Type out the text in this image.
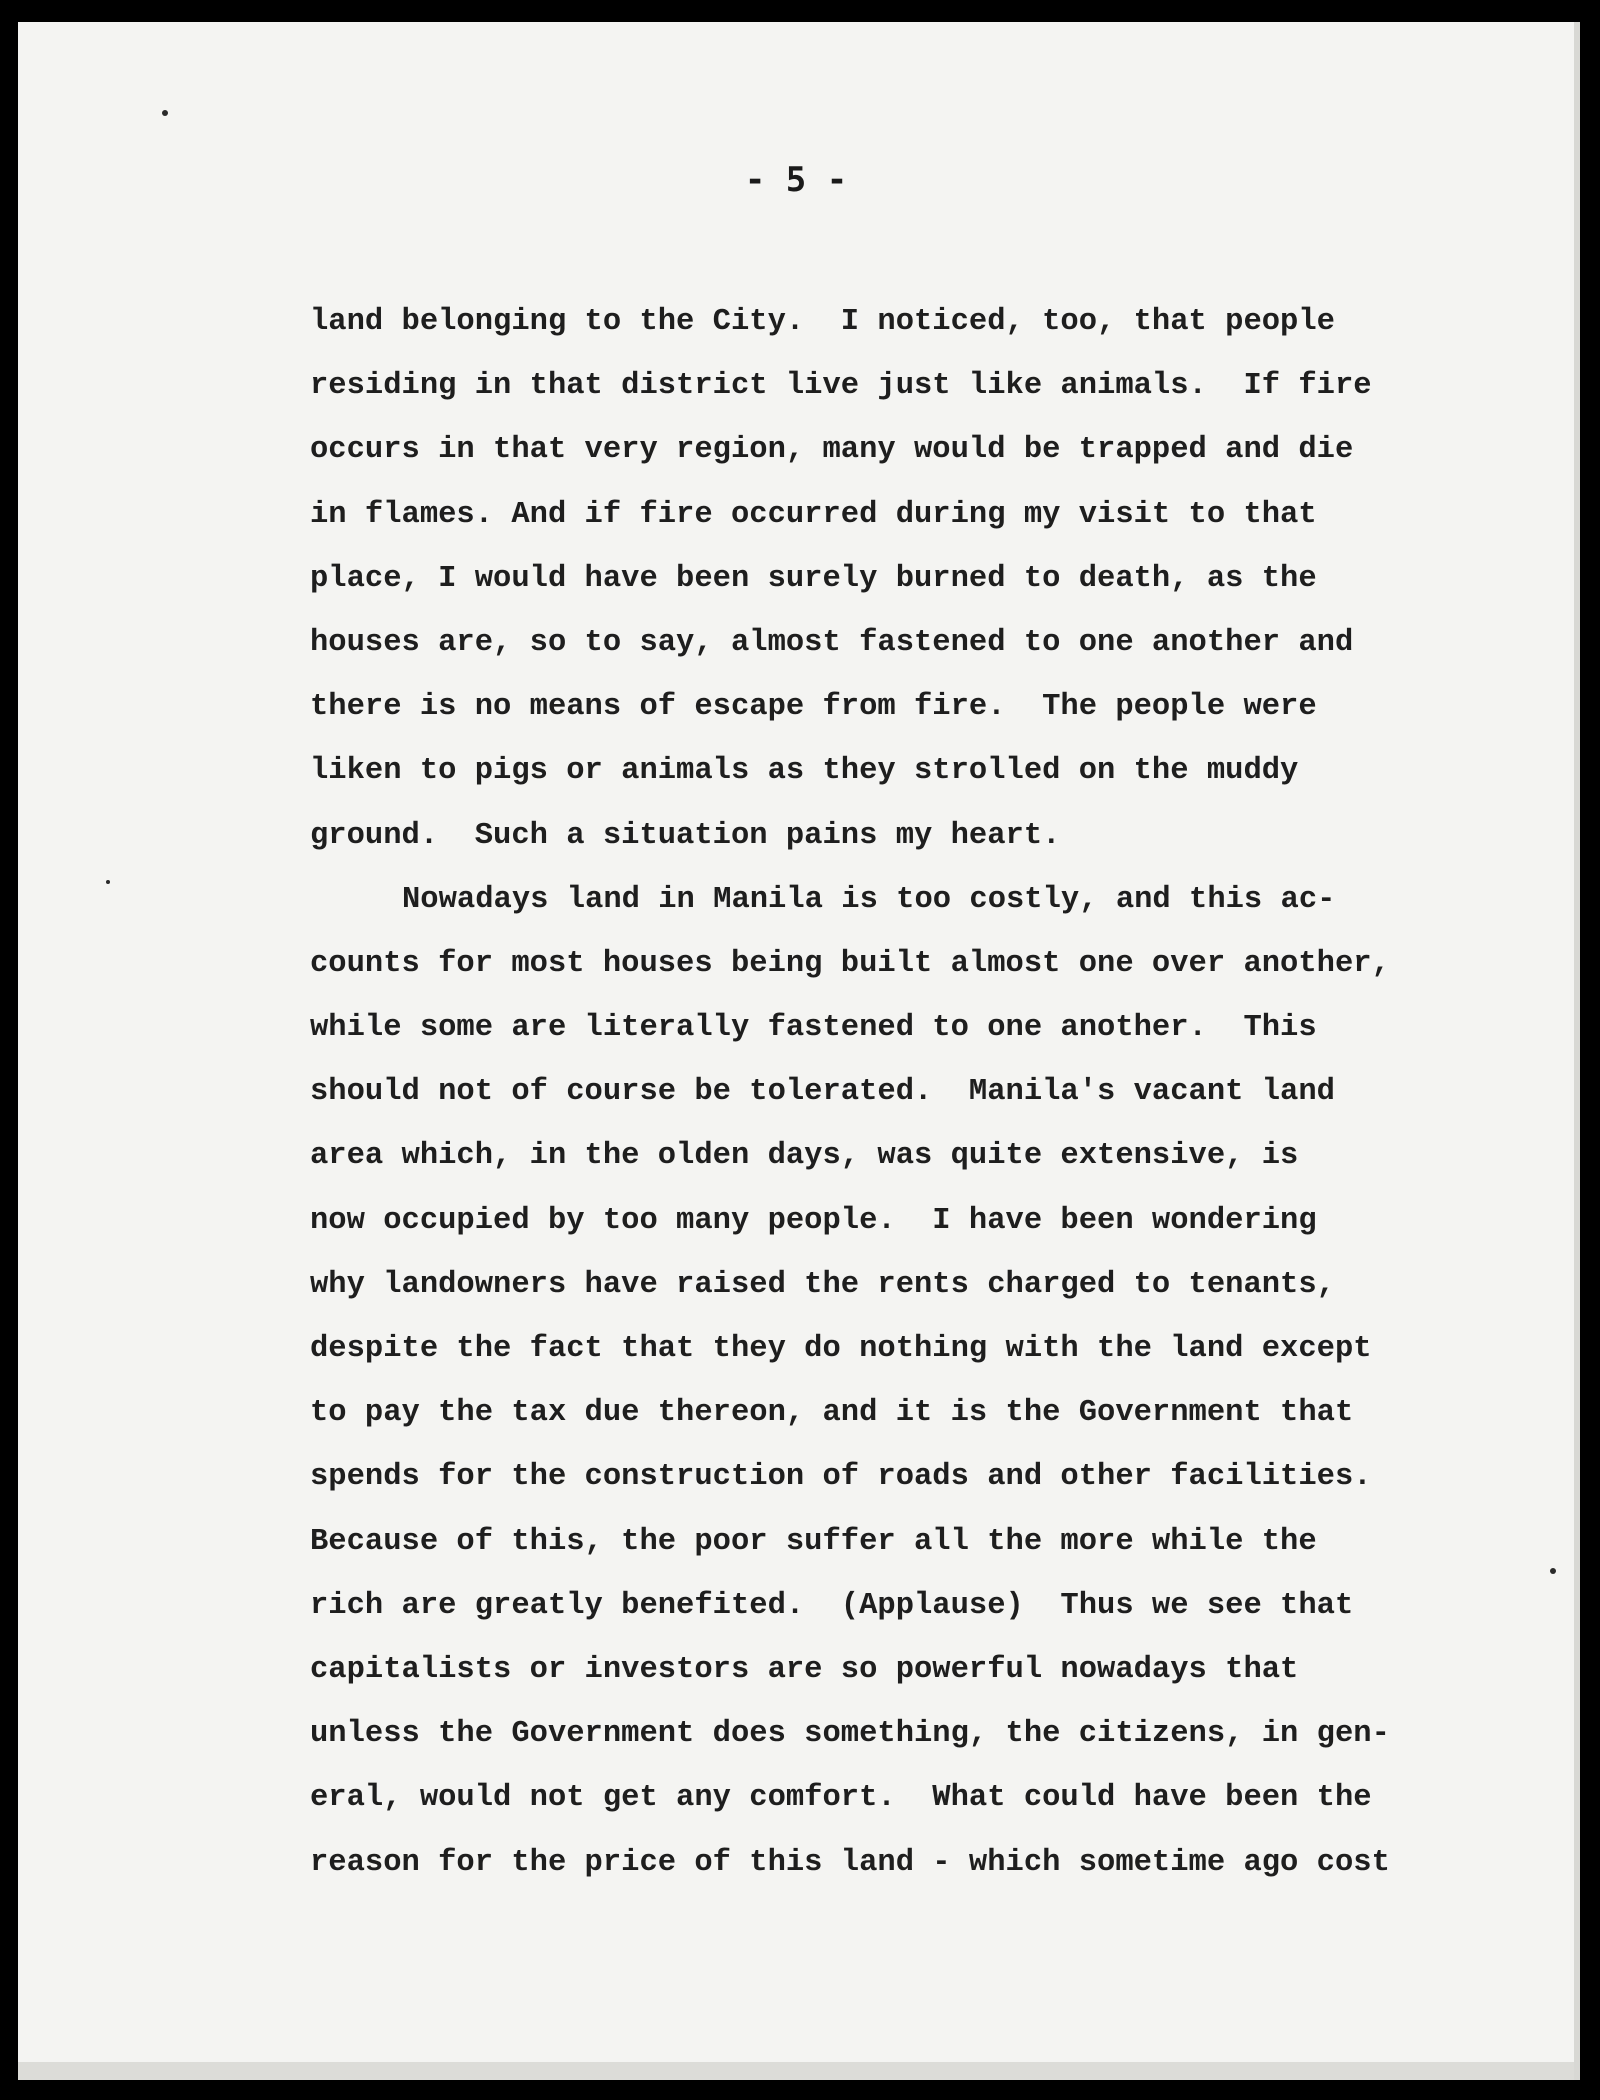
- 5 -
land belonging to the City.  I noticed, too, that people
residing in that district live just like animals.  If fire
occurs in that very region, many would be trapped and die
in flames. And if fire occurred during my visit to that
place, I would have been surely burned to death, as the
houses are, so to say, almost fastened to one another and
there is no means of escape from fire.  The people were
liken to pigs or animals as they strolled on the muddy
ground.  Such a situation pains my heart.
Nowadays land in Manila is too costly, and this ac-
counts for most houses being built almost one over another,
while some are literally fastened to one another.  This
should not of course be tolerated.  Manila's vacant land
area which, in the olden days, was quite extensive, is
now occupied by too many people.  I have been wondering
why landowners have raised the rents charged to tenants,
despite the fact that they do nothing with the land except
to pay the tax due thereon, and it is the Government that
spends for the construction of roads and other facilities.
Because of this, the poor suffer all the more while the
rich are greatly benefited.  (Applause)  Thus we see that
capitalists or investors are so powerful nowadays that
unless the Government does something, the citizens, in gen-
eral, would not get any comfort.  What could have been the
reason for the price of this land - which sometime ago cost
